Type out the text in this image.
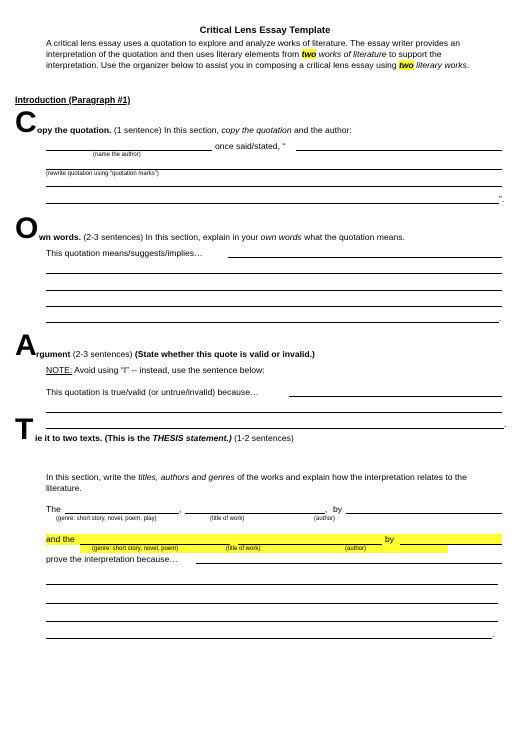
Critical Lens Essay Template
A critical lens essay uses a quotation to explore and analyze works of literature. The essay writer provides an interpretation of the quotation and then uses literary elements from two works of literature to support the interpretation. Use the organizer below to assist you in composing a critical lens essay using two literary works.
Introduction (Paragraph #1)
C opy the quotation. (1 sentence) In this section, copy the quotation and the author:
once said/stated, “
(name the author)
(rewrite quotation using “quotation marks”)
”.
O wn words. (2-3 sentences) In this section, explain in your own words what the quotation means.
This quotation means/suggests/implies…
.
A rgument (2-3 sentences) (State whether this quote is valid or invalid.)
NOTE: Avoid using “I” -- instead, use the sentence below:
This quotation is true/valid (or untrue/invalid) because…
.
T ie it to two texts. (This is the THESIS statement.) (1-2 sentences)
In this section, write the titles, authors and genres of the works and explain how the interpretation relates to the literature.
The	,	, by
(genre: short story, novel, poem, play)	(title of work)	(author)
and the	by
(genre: short story, novel, poem)	(title of work)	(author)
prove the interpretation because…
.
